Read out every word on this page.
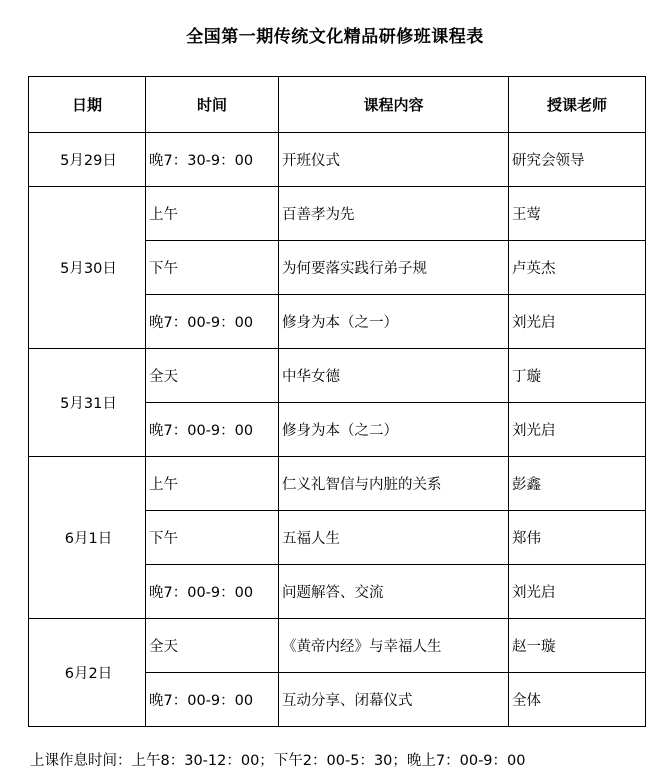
全国第一期传统文化精品研修班课程表
日期	时间	课程内容	授课老师
5月29日	晚7：30-9：00	开班仪式	研究会领导
5月30日	上午	百善孝为先	王莺
	下午	为何要落实践行弟子规	卢英杰
	晚7：00-9：00	修身为本（之一）	刘光启
5月31日	全天	中华女德	丁璇
	晚7：00-9：00	修身为本（之二）	刘光启
6月1日	上午	仁义礼智信与内脏的关系	彭鑫
	下午	五福人生	郑伟
	晚7：00-9：00	问题解答、交流	刘光启
6月2日	全天	《黄帝内经》与幸福人生	赵一璇
	晚7：00-9：00	互动分享、闭幕仪式	全体
上课作息时间：上午8：30-12：00；下午2：00-5：30；晚上7：00-9：00
